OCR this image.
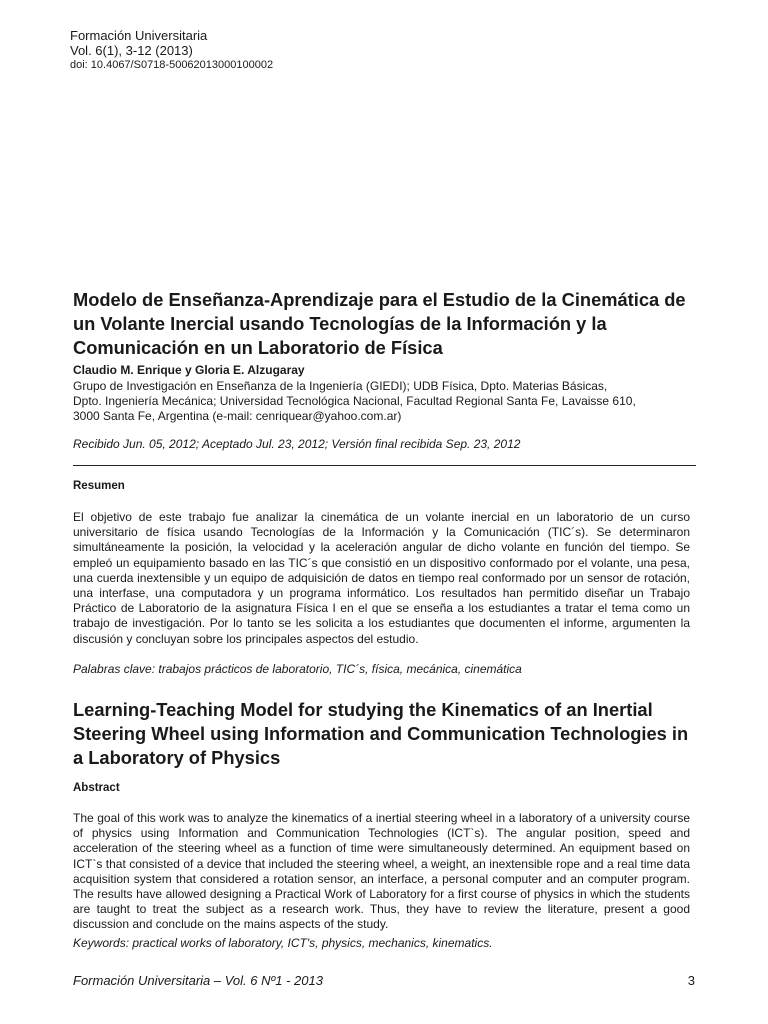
Formación Universitaria
Vol. 6(1), 3-12 (2013)
doi: 10.4067/S0718-50062013000100002
Modelo de Enseñanza-Aprendizaje para el Estudio de la Cinemática de un Volante Inercial usando Tecnologías de la Información y la Comunicación en un Laboratorio de Física
Claudio M. Enrique y Gloria E. Alzugaray
Grupo de Investigación en Enseñanza de la Ingeniería (GIEDI); UDB Física, Dpto. Materias Básicas,
Dpto. Ingeniería Mecánica; Universidad Tecnológica Nacional, Facultad Regional Santa Fe, Lavaisse 610,
3000 Santa Fe, Argentina (e-mail: cenriquear@yahoo.com.ar)
Recibido Jun. 05, 2012; Aceptado Jul. 23, 2012; Versión final recibida Sep. 23, 2012
Resumen
El objetivo de este trabajo fue analizar la cinemática de un volante inercial en un laboratorio de un curso universitario de física usando Tecnologías de la Información y la Comunicación (TIC´s). Se determinaron simultáneamente la posición, la velocidad y la aceleración angular de dicho volante en función del tiempo. Se empleó un equipamiento basado en las TIC´s que consistió en un dispositivo conformado por el volante, una pesa, una cuerda inextensible y un equipo de adquisición de datos en tiempo real conformado por un sensor de rotación, una interfase, una computadora y un programa informático. Los resultados han permitido diseñar un Trabajo Práctico de Laboratorio de la asignatura Física I en el que se enseña a los estudiantes a tratar el tema como un trabajo de investigación. Por lo tanto se les solicita a los estudiantes que documenten el informe, argumenten la discusión y concluyan sobre los principales aspectos del estudio.
Palabras clave: trabajos prácticos de laboratorio, TIC´s, física, mecánica, cinemática
Learning-Teaching Model for studying the Kinematics of an Inertial Steering Wheel using Information and Communication Technologies in a Laboratory of Physics
Abstract
The goal of this work was to analyze the kinematics of a inertial steering wheel in a laboratory of a university course of physics using Information and Communication Technologies (ICT`s). The angular position, speed and acceleration of the steering wheel as a function of time were simultaneously determined. An equipment based on ICT`s that consisted of a device that included the steering wheel, a weight, an inextensible rope and a real time data acquisition system that considered a rotation sensor, an interface, a personal computer and an computer program. The results have allowed designing a Practical Work of Laboratory for a first course of physics in which the students are taught to treat the subject as a research work. Thus, they have to review the literature, present a good discussion and conclude on the mains aspects of the study.
Keywords: practical works of laboratory, ICT's, physics, mechanics, kinematics.
Formación Universitaria – Vol. 6 Nº1 - 2013	3
